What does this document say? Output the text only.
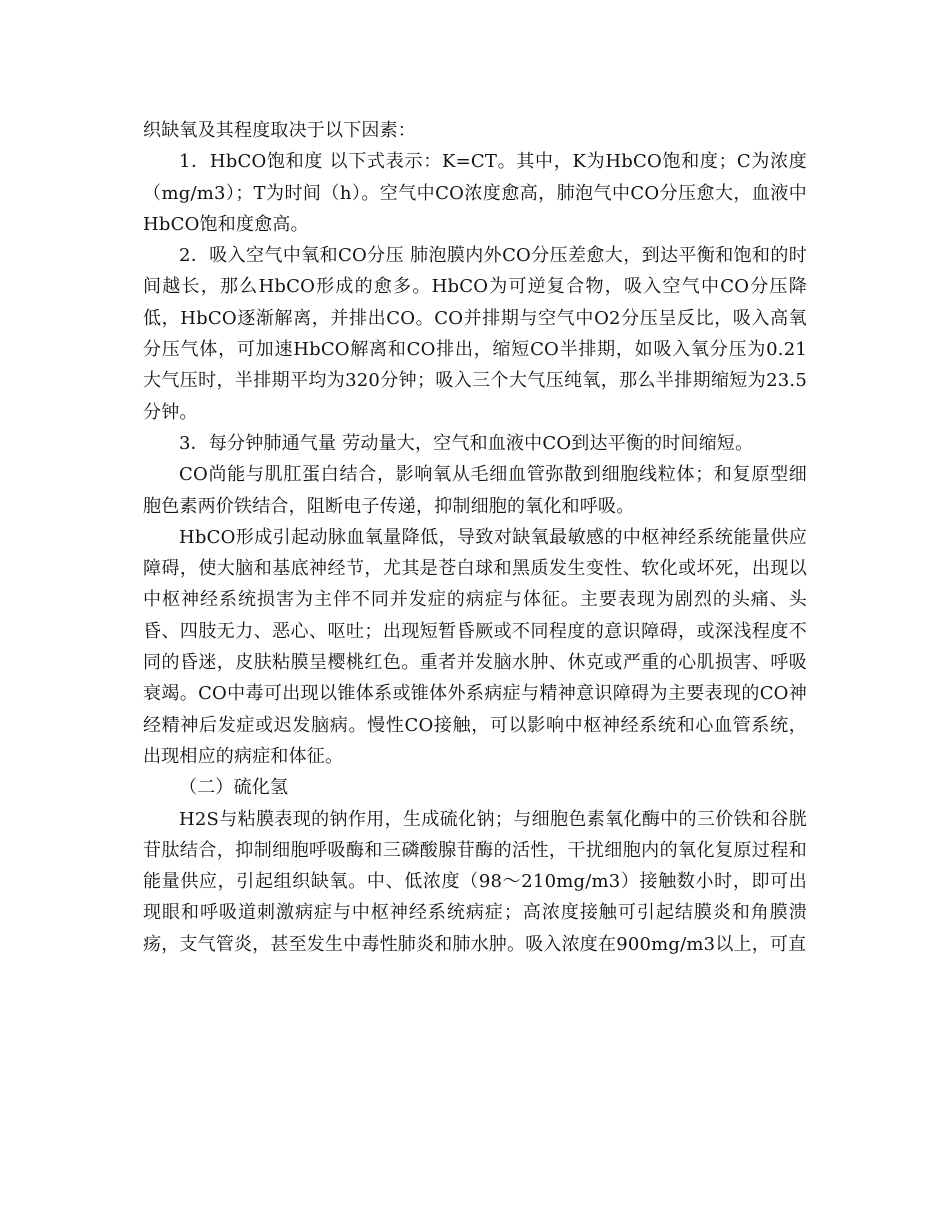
织缺氧及其程度取决于以下因素：

1．HbCO饱和度 以下式表示：K=CT。其中，K为HbCO饱和度；C为浓度（mg/m3）；T为时间（h）。空气中CO浓度愈高，肺泡气中CO分压愈大，血液中HbCO饱和度愈高。

2．吸入空气中氧和CO分压 肺泡膜内外CO分压差愈大，到达平衡和饱和的时间越长，那么HbCO形成的愈多。HbCO为可逆复合物，吸入空气中CO分压降低，HbCO逐渐解离，并排出CO。CO并排期与空气中O2分压呈反比，吸入高氧分压气体，可加速HbCO解离和CO排出，缩短CO半排期，如吸入氧分压为0.21大气压时，半排期平均为320分钟；吸入三个大气压纯氧，那么半排期缩短为23.5分钟。

3．每分钟肺通气量 劳动量大，空气和血液中CO到达平衡的时间缩短。

CO尚能与肌肛蛋白结合，影响氧从毛细血管弥散到细胞线粒体；和复原型细胞色素两价铁结合，阻断电子传递，抑制细胞的氧化和呼吸。

HbCO形成引起动脉血氧量降低，导致对缺氧最敏感的中枢神经系统能量供应障碍，使大脑和基底神经节，尤其是苍白球和黑质发生变性、软化或坏死，出现以中枢神经系统损害为主伴不同并发症的病症与体征。主要表现为剧烈的头痛、头昏、四肢无力、恶心、呕吐；出现短暂昏厥或不同程度的意识障碍，或深浅程度不同的昏迷，皮肤粘膜呈樱桃红色。重者并发脑水肿、休克或严重的心肌损害、呼吸衰竭。CO中毒可出现以锥体系或锥体外系病症与精神意识障碍为主要表现的CO神经精神后发症或迟发脑病。慢性CO接触，可以影响中枢神经系统和心血管系统，出现相应的病症和体征。

（二）硫化氢

H2S与粘膜表现的钠作用，生成硫化钠；与细胞色素氧化酶中的三价铁和谷胱苷肽结合，抑制细胞呼吸酶和三磷酸腺苷酶的活性，干扰细胞内的氧化复原过程和能量供应，引起组织缺氧。中、低浓度（98～210mg/m3）接触数小时，即可出现眼和呼吸道刺激病症与中枢神经系统病症；高浓度接触可引起结膜炎和角膜溃疡，支气管炎，甚至发生中毒性肺炎和肺水肿。吸入浓度在900mg/m3以上，可直
